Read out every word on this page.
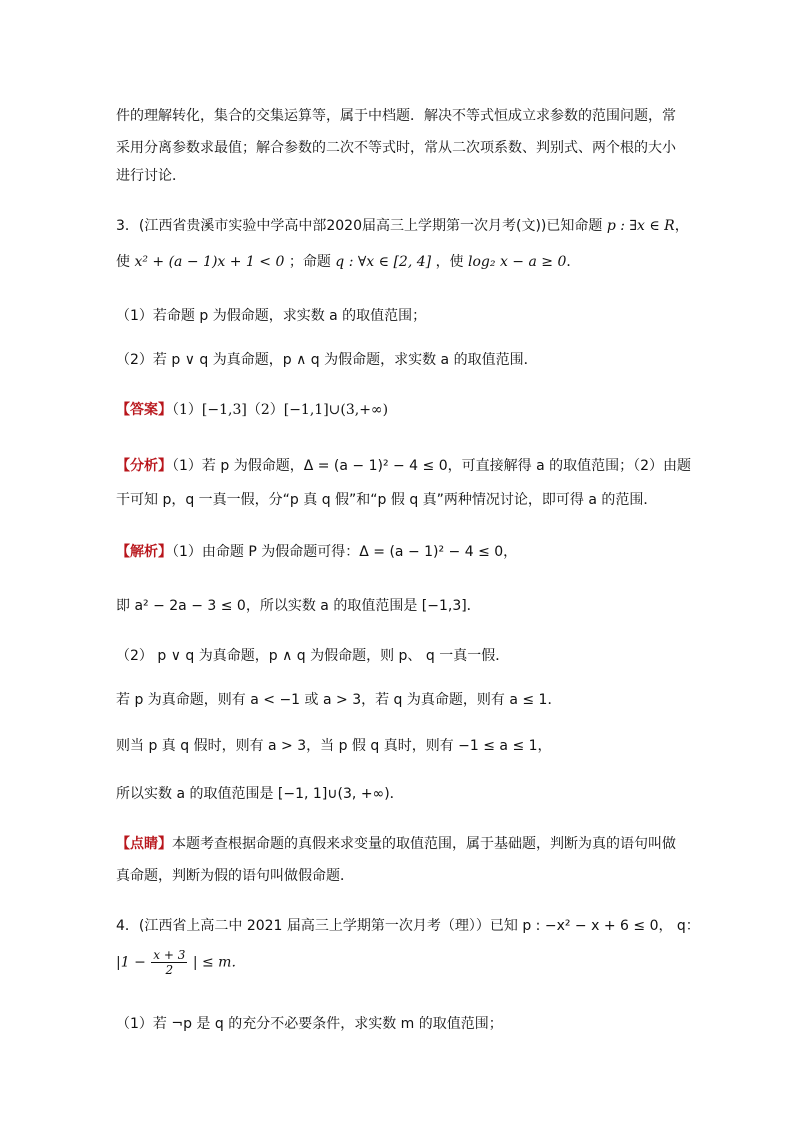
件的理解转化，集合的交集运算等，属于中档题．解决不等式恒成立求参数的范围问题，常
采用分离参数求最值；解合参数的二次不等式时，常从二次项系数、判别式、两个根的大小
进行讨论．
3．(江西省贵溪市实验中学高中部2020届高三上学期第一次月考(文))已知命题 p : ∃x ∈ R，
使 x² + (a − 1)x + 1 < 0 ；命题 q : ∀x ∈ [2, 4] ，使 log₂ x − a ≥ 0．
（1）若命题 p 为假命题，求实数 a 的取值范围；
（2）若 p ∨ q 为真命题，p ∧ q 为假命题，求实数 a 的取值范围．
【答案】（1）[−1,3]（2）[−1,1]∪(3,+∞)
【分析】（1）若 p 为假命题，Δ = (a − 1)² − 4 ≤ 0，可直接解得 a 的取值范围；（2）由题
干可知 p，q 一真一假，分“p 真 q 假”和“p 假 q 真”两种情况讨论，即可得 a 的范围．
【解析】（1）由命题 P 为假命题可得：Δ = (a − 1)² − 4 ≤ 0，
即 a² − 2a − 3 ≤ 0，所以实数 a 的取值范围是 [−1,3]．
（2） p ∨ q 为真命题，p ∧ q 为假命题，则 p、 q 一真一假．
若 p 为真命题，则有 a < −1 或 a > 3，若 q 为真命题，则有 a ≤ 1．
则当 p 真 q 假时，则有 a > 3，当 p 假 q 真时，则有 −1 ≤ a ≤ 1，
所以实数 a 的取值范围是 [−1, 1]∪(3, +∞)．
【点睛】本题考查根据命题的真假来求变量的取值范围，属于基础题，判断为真的语句叫做
真命题，判断为假的语句叫做假命题．
4．(江西省上高二中 2021 届高三上学期第一次月考（理））已知 p : −x² − x + 6 ≤ 0， q：
$|1 - \frac{x + 3}{2}$ | ≤ m．
（1）若 ¬p 是 q 的充分不必要条件，求实数 m 的取值范围；
